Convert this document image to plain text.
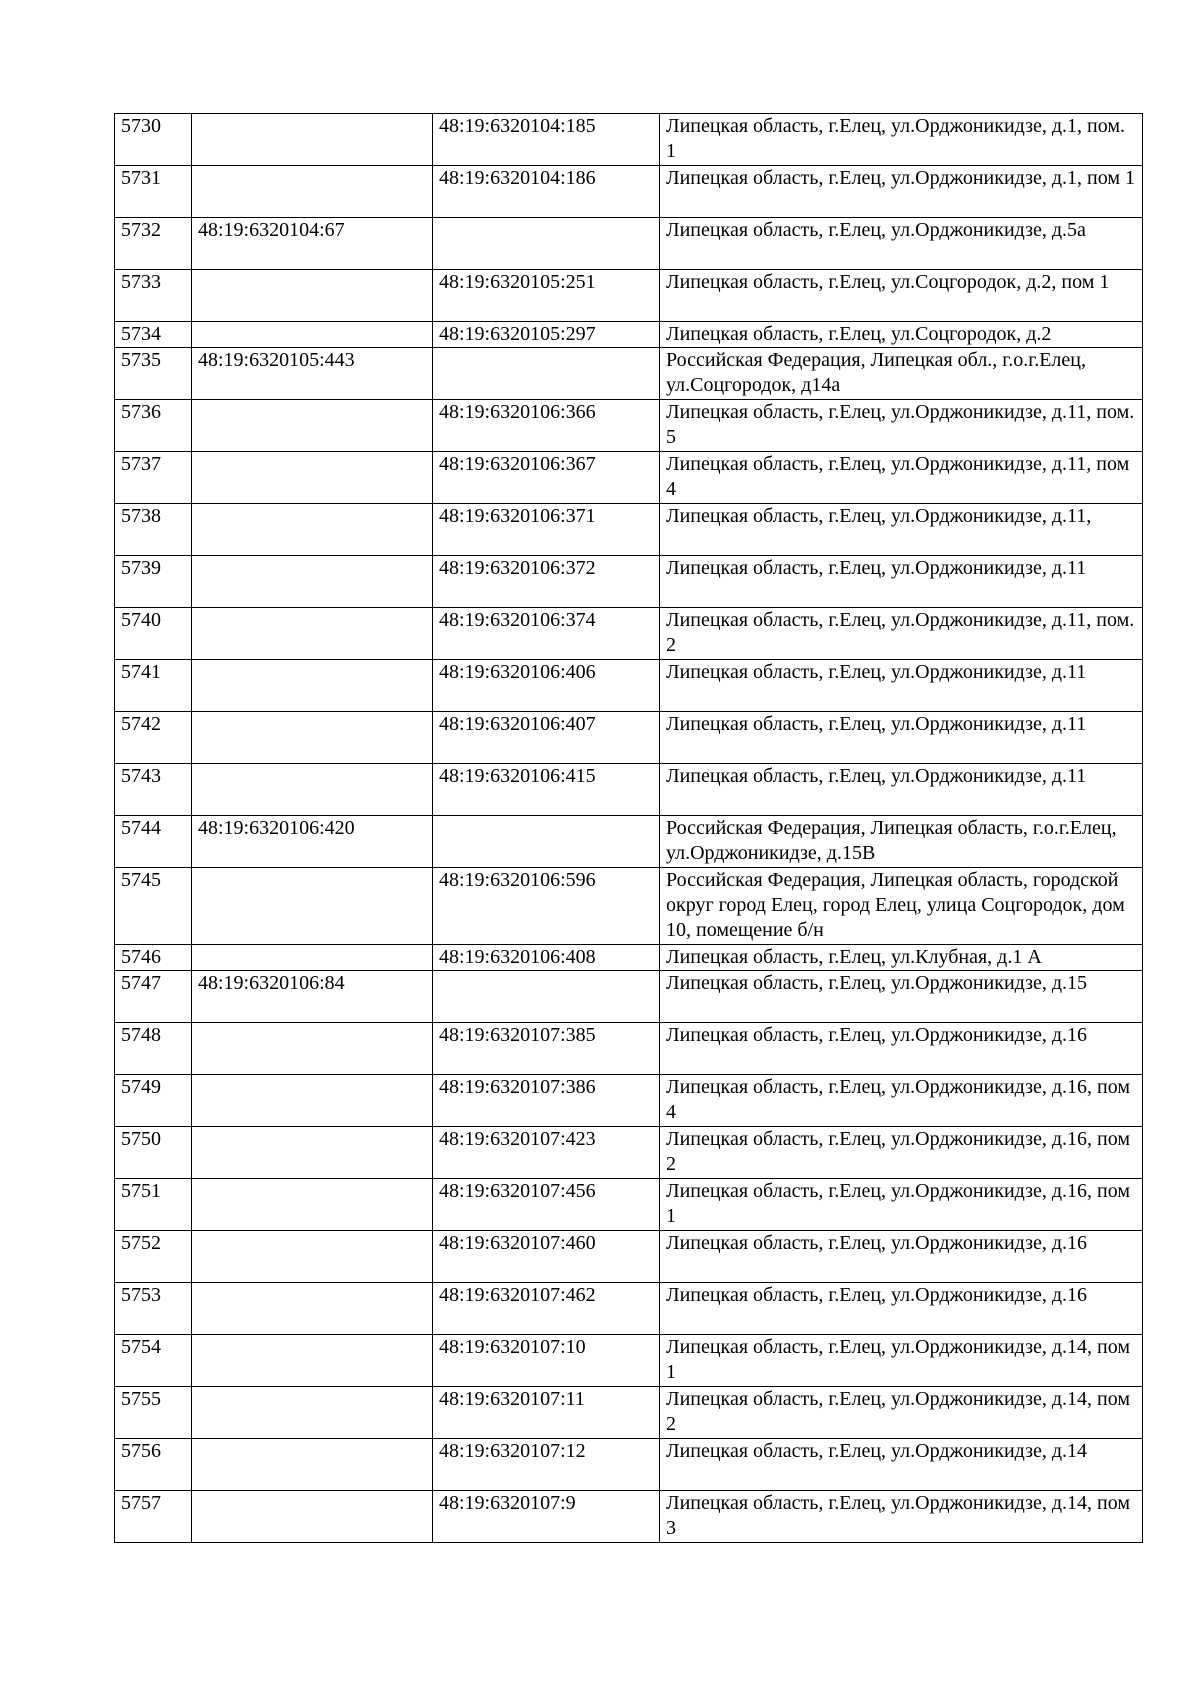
5730		48:19:6320104:185	Липецкая область, г.Елец, ул.Орджоникидзе, д.1, пом. 1
5731		48:19:6320104:186	Липецкая область, г.Елец, ул.Орджоникидзе, д.1, пом 1
5732	48:19:6320104:67		Липецкая область, г.Елец, ул.Орджоникидзе, д.5а
5733		48:19:6320105:251	Липецкая область, г.Елец, ул.Соцгородок, д.2, пом 1
5734		48:19:6320105:297	Липецкая область, г.Елец, ул.Соцгородок, д.2
5735	48:19:6320105:443		Российская Федерация, Липецкая обл., г.о.г.Елец, ул.Соцгородок, д14а
5736		48:19:6320106:366	Липецкая область, г.Елец, ул.Орджоникидзе, д.11, пом. 5
5737		48:19:6320106:367	Липецкая область, г.Елец, ул.Орджоникидзе, д.11, пом 4
5738		48:19:6320106:371	Липецкая область, г.Елец, ул.Орджоникидзе, д.11,
5739		48:19:6320106:372	Липецкая область, г.Елец, ул.Орджоникидзе, д.11
5740		48:19:6320106:374	Липецкая область, г.Елец, ул.Орджоникидзе, д.11, пом. 2
5741		48:19:6320106:406	Липецкая область, г.Елец, ул.Орджоникидзе, д.11
5742		48:19:6320106:407	Липецкая область, г.Елец, ул.Орджоникидзе, д.11
5743		48:19:6320106:415	Липецкая область, г.Елец, ул.Орджоникидзе, д.11
5744	48:19:6320106:420		Российская Федерация, Липецкая область, г.о.г.Елец, ул.Орджоникидзе, д.15В
5745		48:19:6320106:596	Российская Федерация, Липецкая область, городской округ город Елец, город Елец, улица Соцгородок, дом 10, помещение б/н
5746		48:19:6320106:408	Липецкая область, г.Елец, ул.Клубная, д.1 А
5747	48:19:6320106:84		Липецкая область, г.Елец, ул.Орджоникидзе, д.15
5748		48:19:6320107:385	Липецкая область, г.Елец, ул.Орджоникидзе, д.16
5749		48:19:6320107:386	Липецкая область, г.Елец, ул.Орджоникидзе, д.16, пом 4
5750		48:19:6320107:423	Липецкая область, г.Елец, ул.Орджоникидзе, д.16, пом 2
5751		48:19:6320107:456	Липецкая область, г.Елец, ул.Орджоникидзе, д.16, пом 1
5752		48:19:6320107:460	Липецкая область, г.Елец, ул.Орджоникидзе, д.16
5753		48:19:6320107:462	Липецкая область, г.Елец, ул.Орджоникидзе, д.16
5754		48:19:6320107:10	Липецкая область, г.Елец, ул.Орджоникидзе, д.14, пом 1
5755		48:19:6320107:11	Липецкая область, г.Елец, ул.Орджоникидзе, д.14, пом 2
5756		48:19:6320107:12	Липецкая область, г.Елец, ул.Орджоникидзе, д.14
5757		48:19:6320107:9	Липецкая область, г.Елец, ул.Орджоникидзе, д.14, пом 3
